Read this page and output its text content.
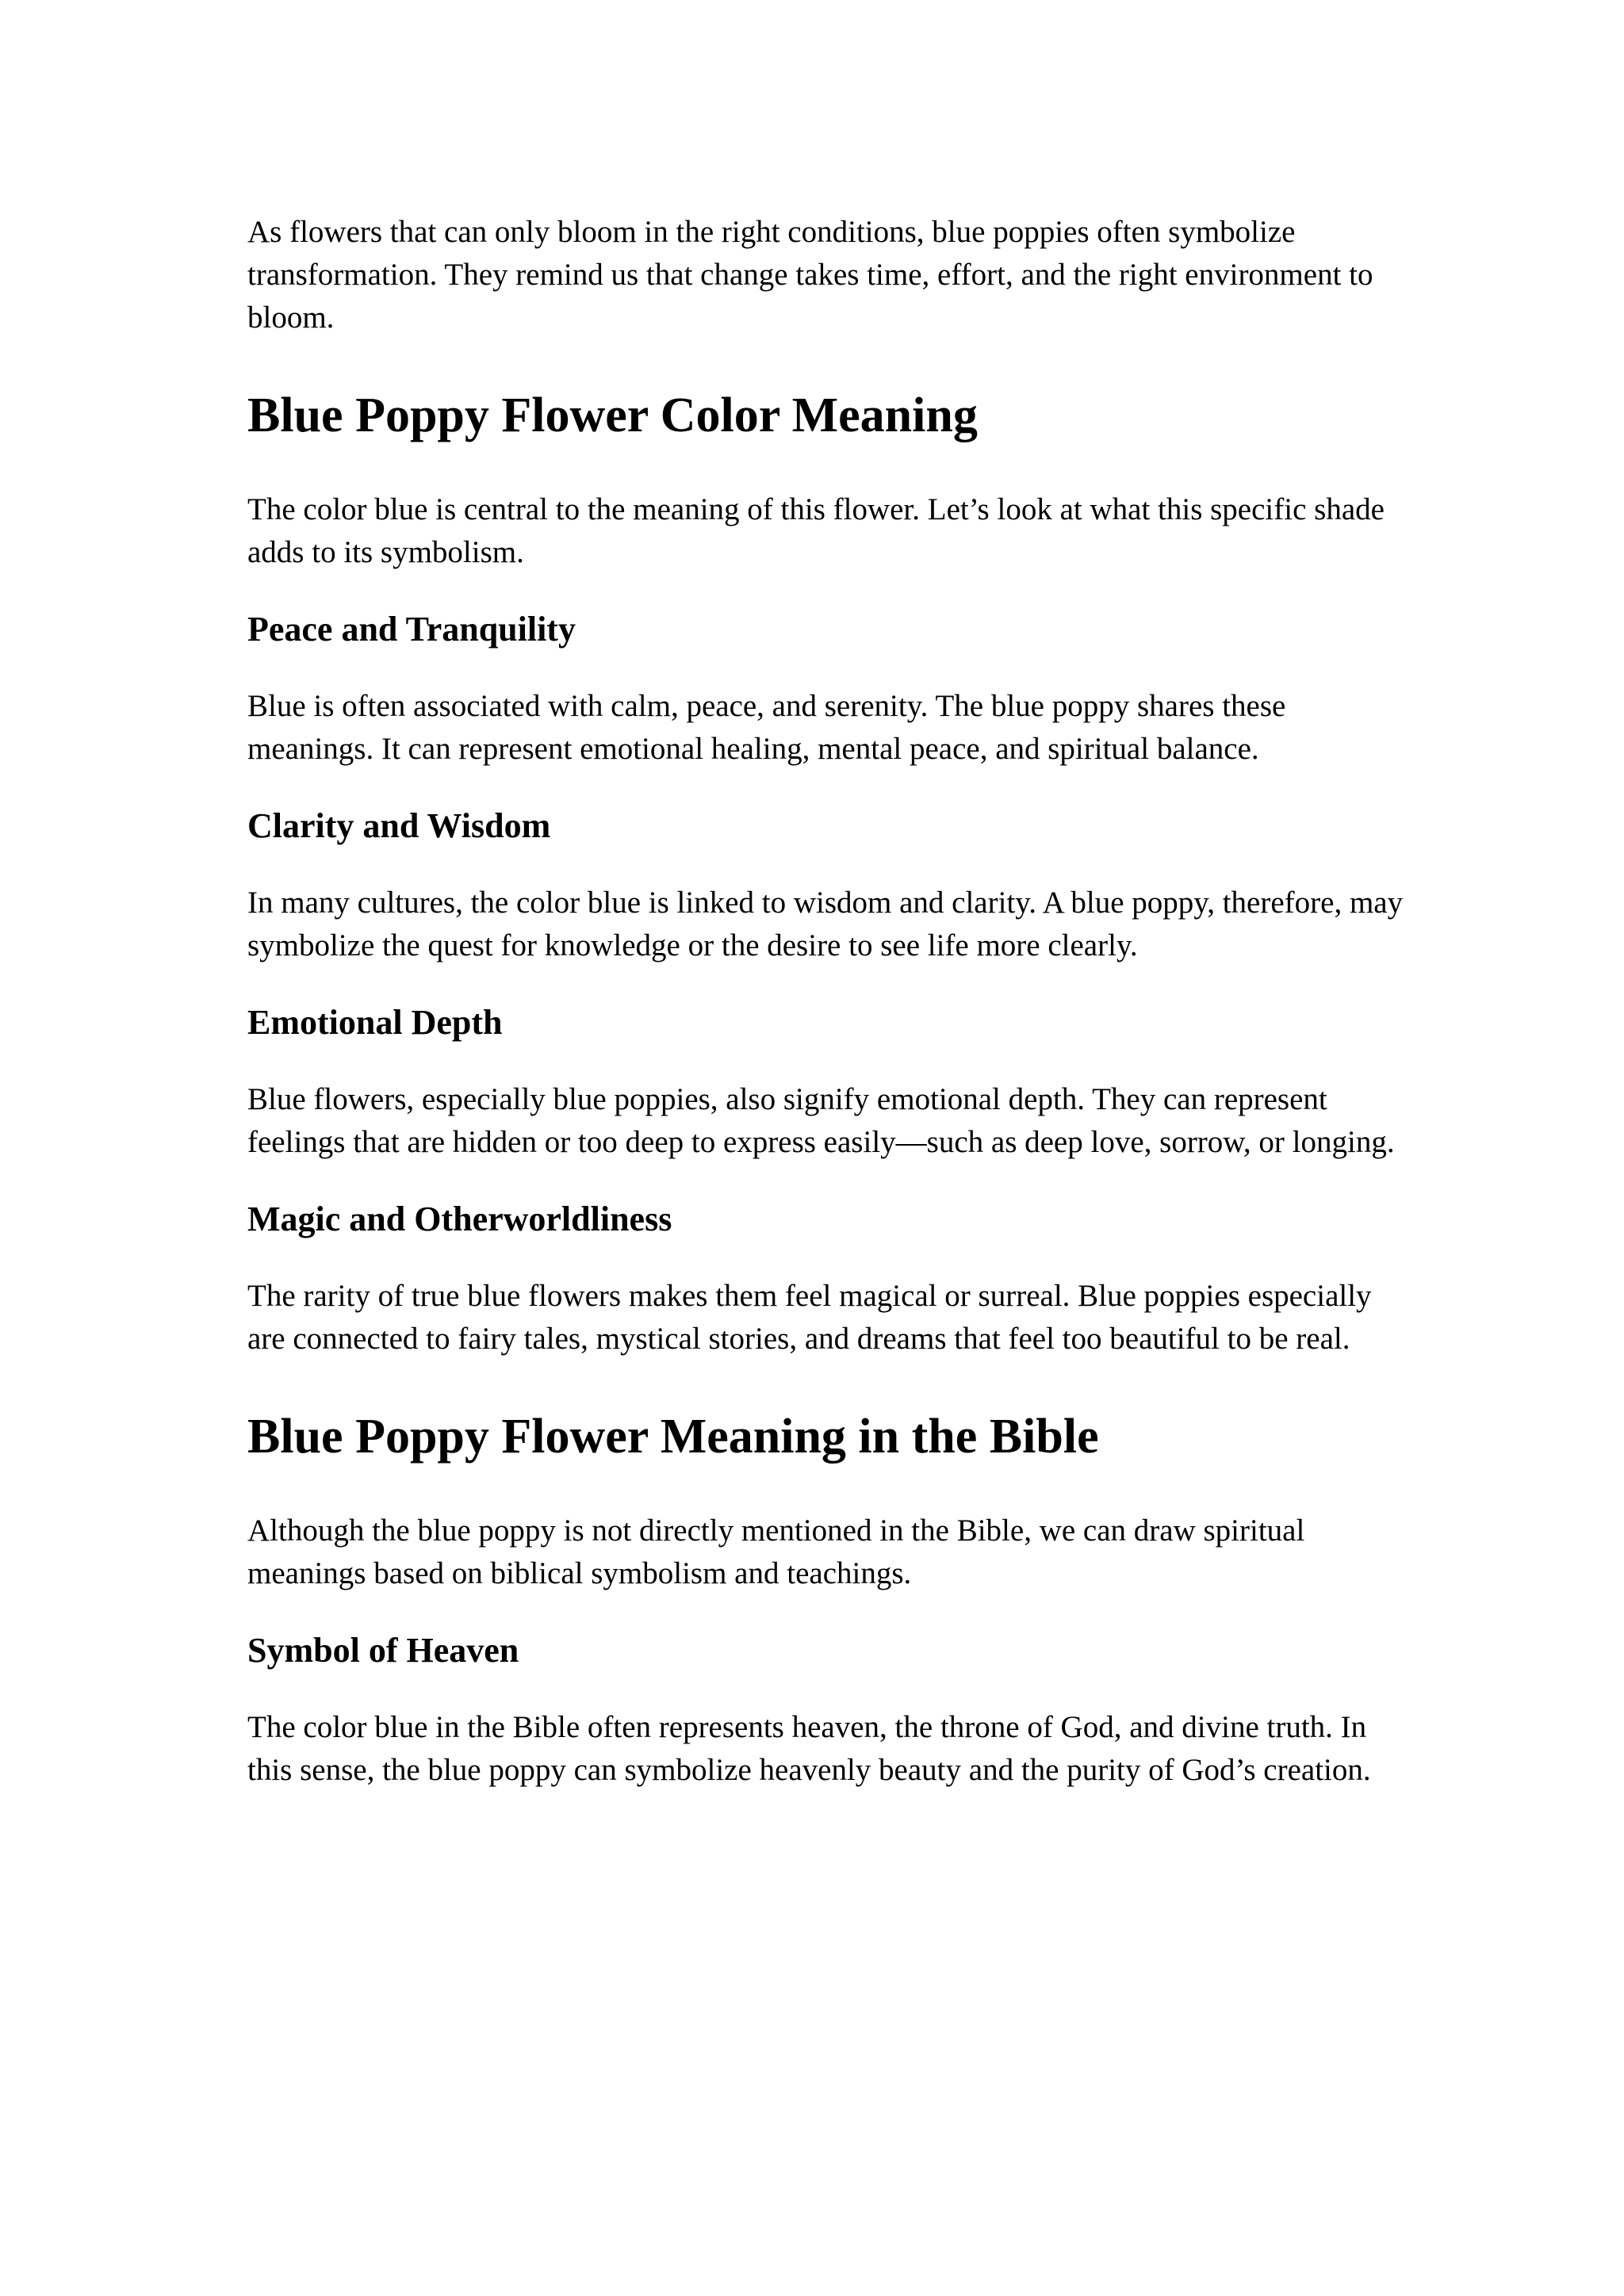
As flowers that can only bloom in the right conditions, blue poppies often symbolize transformation. They remind us that change takes time, effort, and the right environment to bloom.

Blue Poppy Flower Color Meaning

The color blue is central to the meaning of this flower. Let’s look at what this specific shade adds to its symbolism.

Peace and Tranquility

Blue is often associated with calm, peace, and serenity. The blue poppy shares these meanings. It can represent emotional healing, mental peace, and spiritual balance.

Clarity and Wisdom

In many cultures, the color blue is linked to wisdom and clarity. A blue poppy, therefore, may symbolize the quest for knowledge or the desire to see life more clearly.

Emotional Depth

Blue flowers, especially blue poppies, also signify emotional depth. They can represent feelings that are hidden or too deep to express easily—such as deep love, sorrow, or longing.

Magic and Otherworldliness

The rarity of true blue flowers makes them feel magical or surreal. Blue poppies especially are connected to fairy tales, mystical stories, and dreams that feel too beautiful to be real.

Blue Poppy Flower Meaning in the Bible

Although the blue poppy is not directly mentioned in the Bible, we can draw spiritual meanings based on biblical symbolism and teachings.

Symbol of Heaven

The color blue in the Bible often represents heaven, the throne of God, and divine truth. In this sense, the blue poppy can symbolize heavenly beauty and the purity of God’s creation.
